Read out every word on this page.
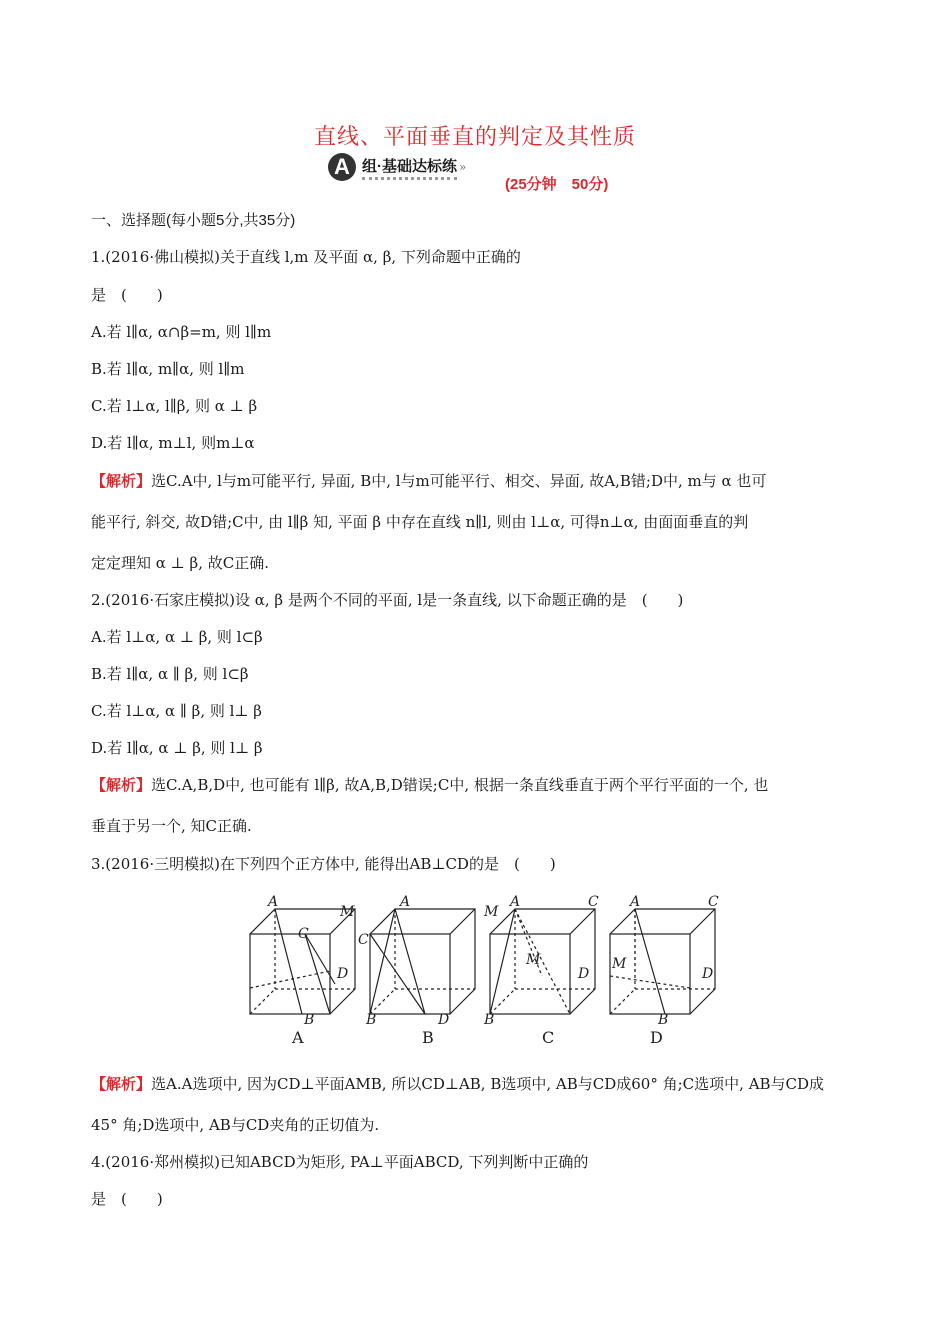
直线、平面垂直的判定及其性质
A 组·基础达标练 »
(25分钟　50分)
一、选择题(每小题5分,共35分)
1.(2016·佛山模拟)关于直线 l,m 及平面 α, β, 下列命题中正确的
是　(　　)
A.若 l∥α, α∩β=m, 则 l∥m
B.若 l∥α, m∥α, 则 l∥m
C.若 l⊥α, l∥β, 则 α ⊥ β
D.若 l∥α, m⊥l, 则m⊥α
【解析】选C.A中, l与m可能平行, 异面, B中, l与m可能平行、相交、异面, 故A,B错;D中, m与 α 也可
能平行, 斜交, 故D错;C中, 由 l∥β 知, 平面 β 中存在直线 n∥l, 则由 l⊥α, 可得n⊥α, 由面面垂直的判
定定理知 α ⊥ β, 故C正确.
2.(2016·石家庄模拟)设 α, β 是两个不同的平面, l是一条直线, 以下命题正确的是　(　　)
A.若 l⊥α, α ⊥ β, 则 l⊂β
B.若 l∥α, α ∥ β, 则 l⊂β
C.若 l⊥α, α ∥ β, 则 l⊥ β
D.若 l∥α, α ⊥ β, 则 l⊥ β
【解析】选C.A,B,D中, 也可能有 l∥β, 故A,B,D错误;C中, 根据一条直线垂直于两个平行平面的一个, 也
垂直于另一个, 知C正确.
3.(2016·三明模拟)在下列四个正方体中, 能得出AB⊥CD的是　(　　)
A
M
C
D
B
A
M
C
D
B
A	C
M
D
B
A	C
M
D
B
A	B	C	D
【解析】选A.A选项中, 因为CD⊥平面AMB, 所以CD⊥AB, B选项中, AB与CD成60° 角;C选项中, AB与CD成
45° 角;D选项中, AB与CD夹角的正切值为.
4.(2016·郑州模拟)已知ABCD为矩形, PA⊥平面ABCD, 下列判断中正确的
是　(　　)
